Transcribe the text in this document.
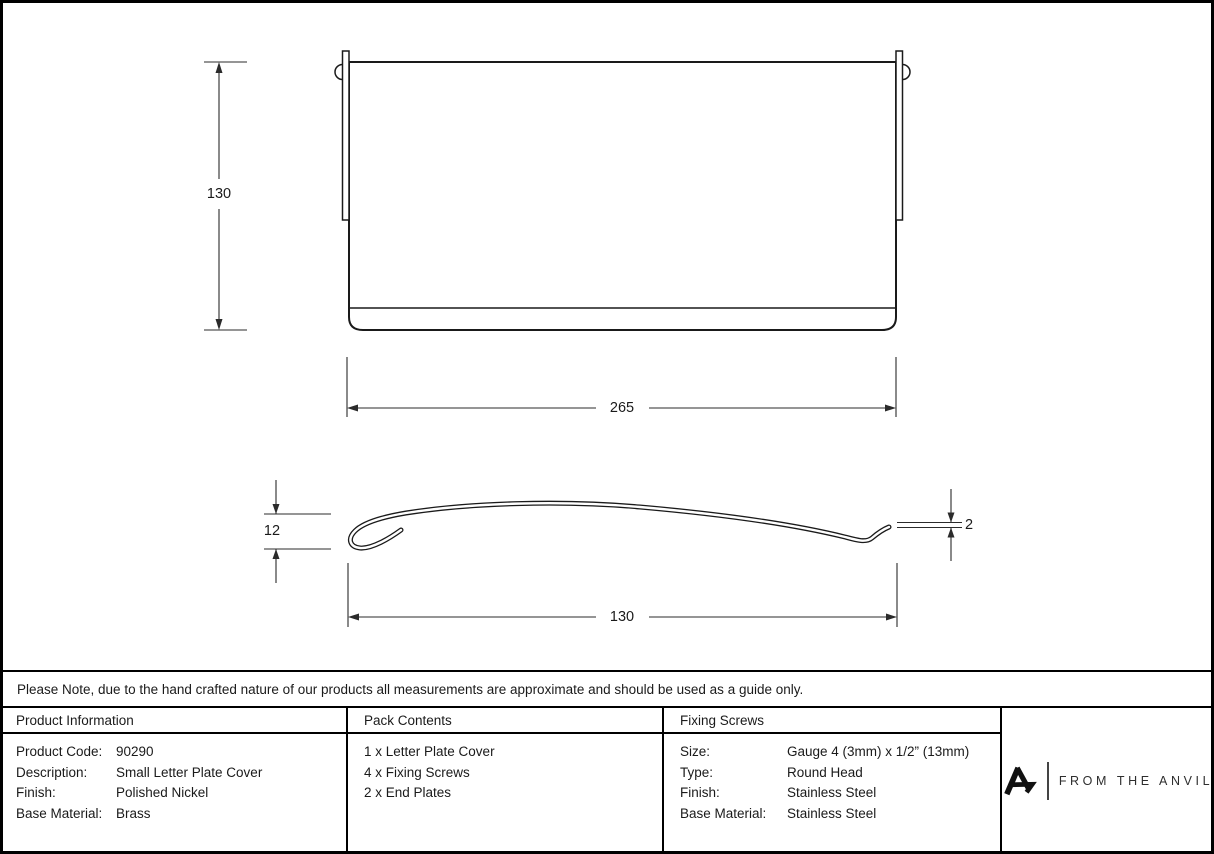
130
265
12	2
130
Please Note, due to the hand crafted nature of our products all measurements are approximate and should be used as a guide only.
Product Information
Product Code:	90290
Description:	Small Letter Plate Cover
Finish:	Polished Nickel
Base Material:	Brass
Pack Contents
1 x Letter Plate Cover
4 x Fixing Screws
2 x End Plates
Fixing Screws
Size:	Gauge 4 (3mm) x 1/2” (13mm)
Type:	Round Head
Finish:	Stainless Steel
Base Material:	Stainless Steel
FROM THE ANVIL
